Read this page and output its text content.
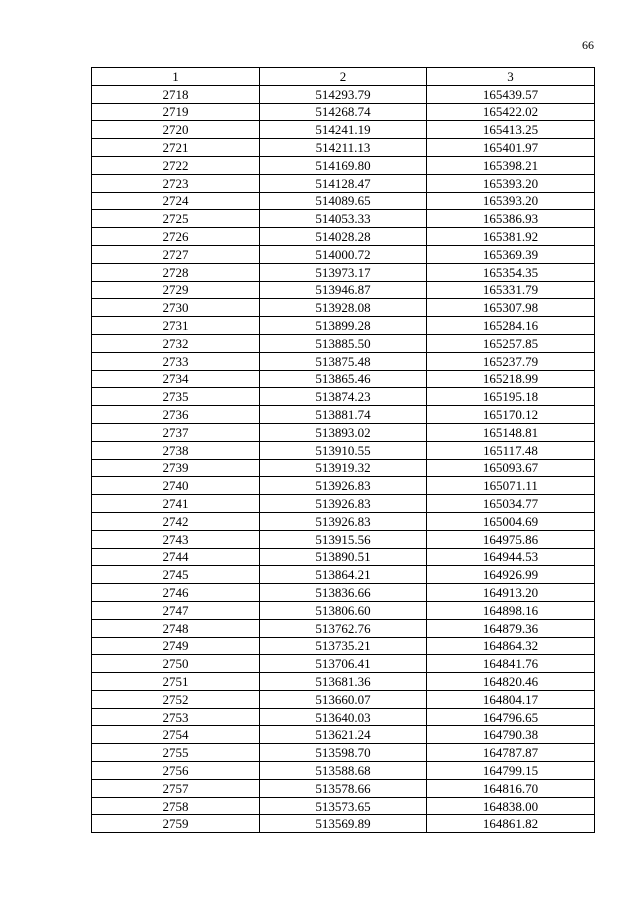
66
1	2	3
2718	514293.79	165439.57
2719	514268.74	165422.02
2720	514241.19	165413.25
2721	514211.13	165401.97
2722	514169.80	165398.21
2723	514128.47	165393.20
2724	514089.65	165393.20
2725	514053.33	165386.93
2726	514028.28	165381.92
2727	514000.72	165369.39
2728	513973.17	165354.35
2729	513946.87	165331.79
2730	513928.08	165307.98
2731	513899.28	165284.16
2732	513885.50	165257.85
2733	513875.48	165237.79
2734	513865.46	165218.99
2735	513874.23	165195.18
2736	513881.74	165170.12
2737	513893.02	165148.81
2738	513910.55	165117.48
2739	513919.32	165093.67
2740	513926.83	165071.11
2741	513926.83	165034.77
2742	513926.83	165004.69
2743	513915.56	164975.86
2744	513890.51	164944.53
2745	513864.21	164926.99
2746	513836.66	164913.20
2747	513806.60	164898.16
2748	513762.76	164879.36
2749	513735.21	164864.32
2750	513706.41	164841.76
2751	513681.36	164820.46
2752	513660.07	164804.17
2753	513640.03	164796.65
2754	513621.24	164790.38
2755	513598.70	164787.87
2756	513588.68	164799.15
2757	513578.66	164816.70
2758	513573.65	164838.00
2759	513569.89	164861.82
